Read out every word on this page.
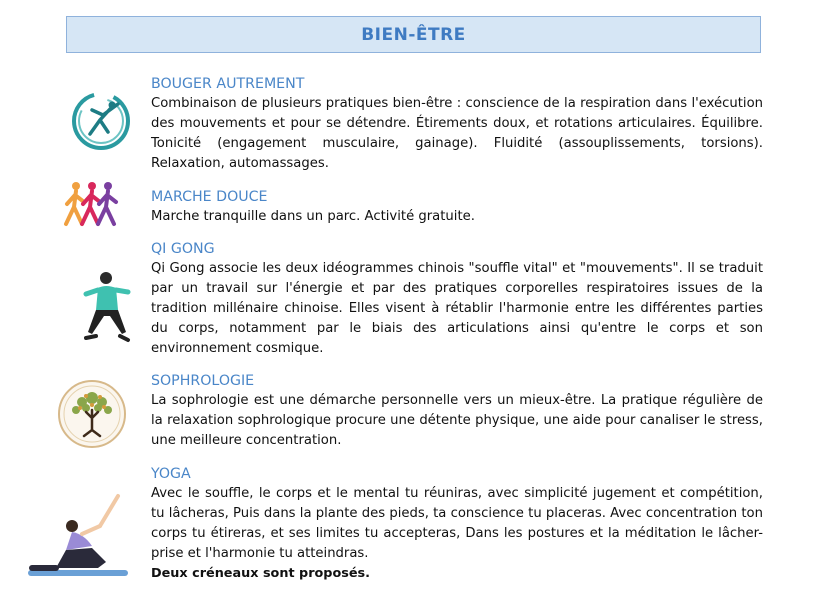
BIEN-ÊTRE
BOUGER AUTREMENT

Combinaison de plusieurs pratiques bien-être : conscience de la respiration dans l'exécution des mouvements et pour se détendre. Étirements doux, et rotations articulaires. Équilibre. Tonicité (engagement musculaire, gainage). Fluidité (assouplissements, torsions). Relaxation, automassages.

MARCHE DOUCE

Marche tranquille dans un parc. Activité gratuite.

QI GONG

Qi Gong associe les deux idéogrammes chinois "souffle vital" et "mouvements". Il se traduit par un travail sur l'énergie et par des pratiques corporelles respiratoires issues de la tradition millénaire chinoise. Elles visent à rétablir l'harmonie entre les différentes parties du corps, notamment par le biais des articulations ainsi qu'entre le corps et son environnement cosmique.

SOPHROLOGIE

La sophrologie est une démarche personnelle vers un mieux-être. La pratique régulière de la relaxation sophrologique procure une détente physique, une aide pour canaliser le stress, une meilleure concentration.

YOGA

Avec le souffle, le corps et le mental tu réuniras, avec simplicité jugement et compétition, tu lâcheras, Puis dans la plante des pieds, ta conscience tu placeras. Avec concentration ton corps tu étireras, et ses limites tu accepteras, Dans les postures et la méditation le lâcher-prise et l'harmonie tu atteindras.

Deux créneaux sont proposés.
